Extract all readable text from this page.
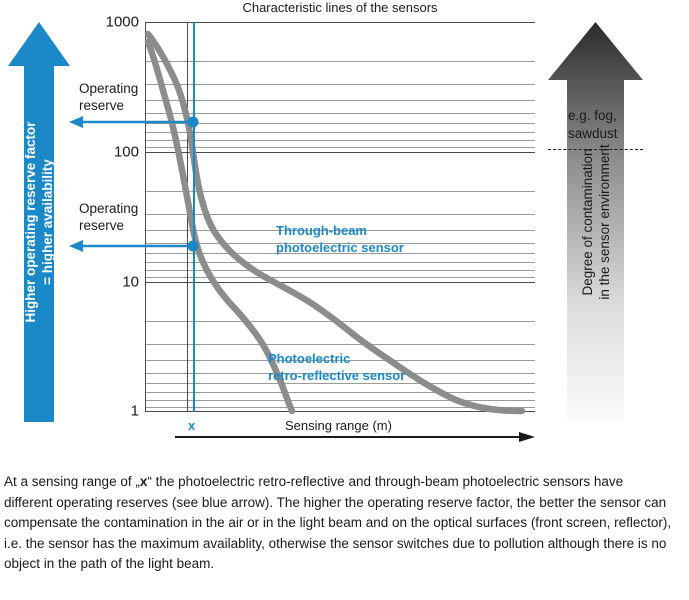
Characteristic lines of the sensors
Higher operating reserve factor = higher availability	Degree of contamination in the sensor environment
e.g. fog,
sawdust
1000
100
10
1
x	Sensing range (m)
Operating
reserve
Operating
reserve	Through-beam
photoelectric sensor
Photoelectric
retro-reflective sensor
At a sensing range of „x“ the photoelectric retro-reflective and through-beam photoelectric sensors have different operating reserves (see blue arrow). The higher the operating reserve factor, the better the sensor can compensate the contamination in the air or in the light beam and on the optical surfaces (front screen, reflector), i.e. the sensor has the maximum availablity, otherwise the sensor switches due to pollution although there is no object in the path of the light beam.
